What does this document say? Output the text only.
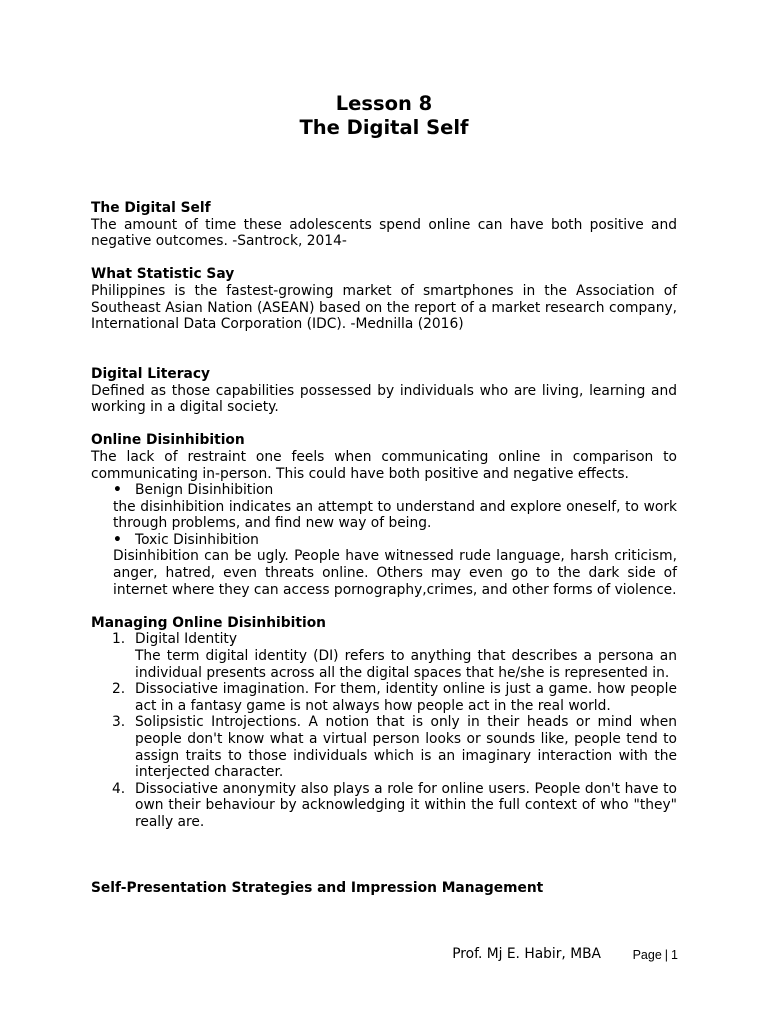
Lesson 8
The Digital Self
The Digital Self

The amount of time these adolescents spend online can have both positive and negative outcomes. -Santrock, 2014-

What Statistic Say

Philippines is the fastest-growing market of smartphones in the Association of Southeast Asian Nation (ASEAN) based on the report of a market research company, International Data Corporation (IDC). -Mednilla (2016)

Digital Literacy

Defined as those capabilities possessed by individuals who are living, learning and working in a digital society.

Online Disinhibition

The lack of restraint one feels when communicating online in comparison to communicating in-person. This could have both positive and negative effects.

• Benign Disinhibition
the disinhibition indicates an attempt to understand and explore oneself, to work through problems, and find new way of being.
• Toxic Disinhibition
Disinhibition can be ugly. People have witnessed rude language, harsh criticism, anger, hatred, even threats online. Others may even go to the dark side of internet where they can access pornography,crimes, and other forms of violence.
Managing Online Disinhibition
1. Digital Identity
The term digital identity (DI) refers to anything that describes a persona an individual presents across all the digital spaces that he/she is represented in.
2. Dissociative imagination. For them, identity online is just a game. how people act in a fantasy game is not always how people act in the real world.
3. Solipsistic Introjections. A notion that is only in their heads or mind when people don't know what a virtual person looks or sounds like, people tend to assign traits to those individuals which is an imaginary interaction with the interjected character.
4. Dissociative anonymity also plays a role for online users. People don't have to own their behaviour by acknowledging it within the full context of who "they" really are.
Self-Presentation Strategies and Impression Management
Prof. Mj E. Habir, MBA	Page | 1
